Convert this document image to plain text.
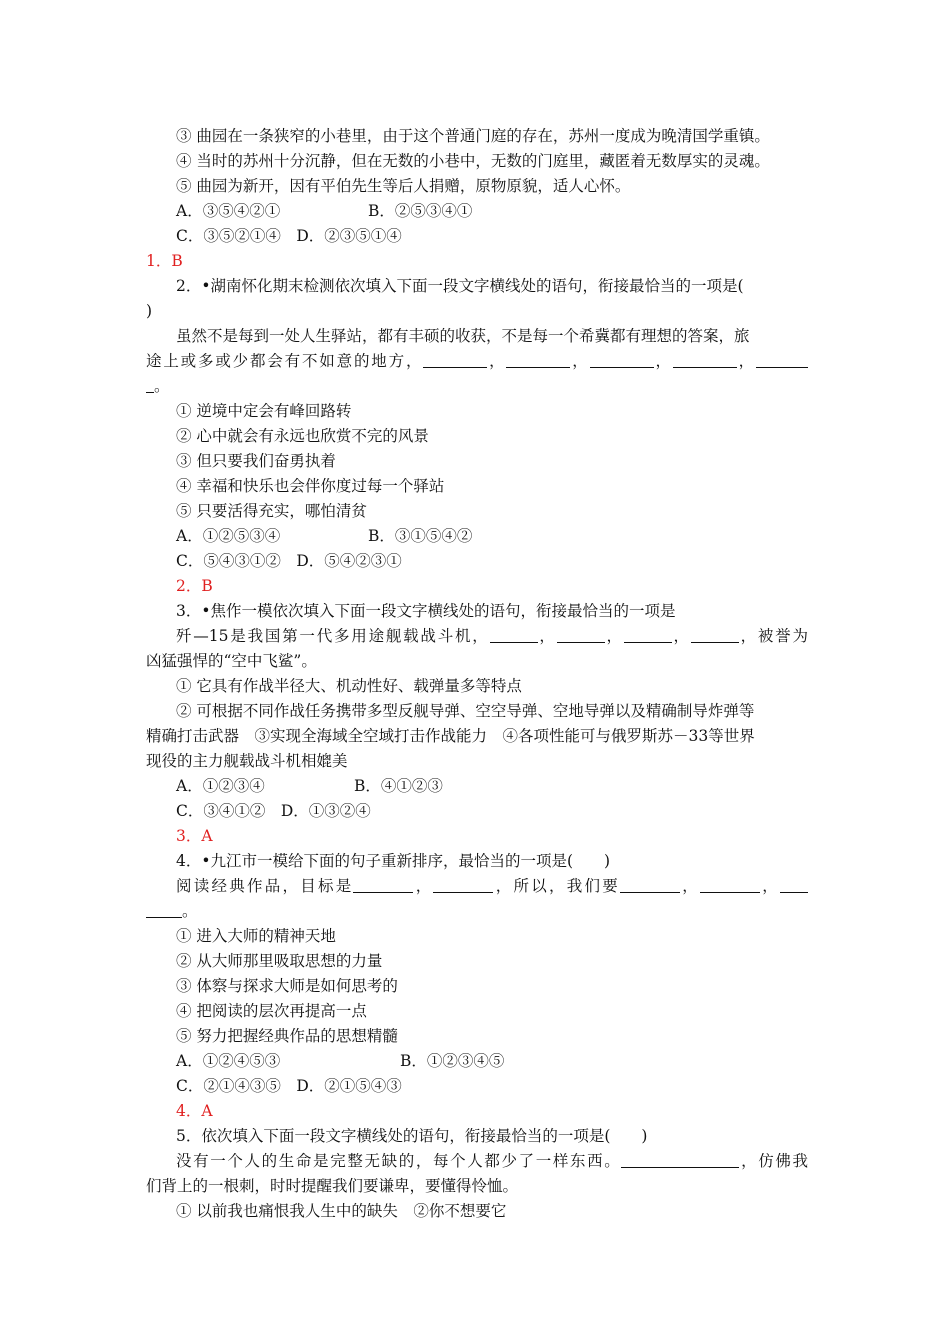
③ 曲园在一条狭窄的小巷里，由于这个普通门庭的存在，苏州一度成为晚清国学重镇。
④ 当时的苏州十分沉静，但在无数的小巷中，无数的门庭里，藏匿着无数厚实的灵魂。
⑤ 曲园为新开，因有平伯先生等后人捐赠，原物原貌，适人心怀。
A．③⑤④②①	B．②⑤③④①
C．③⑤②①④　D．②③⑤①④
1．B
2．•湖南怀化期末检测依次填入下面一段文字横线处的语句，衔接最恰当的一项是(
)
虽然不是每到一处人生驿站，都有丰硕的收获，不是每一个希冀都有理想的答案，旅
途上或多或少都会有不如意的地方，	，	，	，	，
。
① 逆境中定会有峰回路转
② 心中就会有永远也欣赏不完的风景
③ 但只要我们奋勇执着
④ 幸福和快乐也会伴你度过每一个驿站
⑤ 只要活得充实，哪怕清贫
A．①②⑤③④	B．③①⑤④②
C．⑤④③①②　D．⑤④②③①
2．B
3．•焦作一模依次填入下面一段文字横线处的语句，衔接最恰当的一项是
歼—15是我国第一代多用途舰载战斗机，	，	，	，	，被誉为
凶猛强悍的“空中飞鲨”。
① 它具有作战半径大、机动性好、载弹量多等特点
② 可根据不同作战任务携带多型反舰导弹、空空导弹、空地导弹以及精确制导炸弹等
精确打击武器　③实现全海域全空域打击作战能力　④各项性能可与俄罗斯苏－33等世界
现役的主力舰载战斗机相媲美
A．①②③④	B．④①②③
C．③④①②　D．①③②④
3．A
4．•九江市一模给下面的句子重新排序，最恰当的一项是(　　)
阅读经典作品，目标是	，	，所以，我们要	，	，
。
① 进入大师的精神天地
② 从大师那里吸取思想的力量
③ 体察与探求大师是如何思考的
④ 把阅读的层次再提高一点
⑤ 努力把握经典作品的思想精髓
A．①②④⑤③	B．①②③④⑤
C．②①④③⑤　D．②①⑤④③
4．A
5．依次填入下面一段文字横线处的语句，衔接最恰当的一项是(　　)
没有一个人的生命是完整无缺的，每个人都少了一样东西。	，仿佛我
们背上的一根刺，时时提醒我们要谦卑，要懂得怜恤。
① 以前我也痛恨我人生中的缺失　②你不想要它
